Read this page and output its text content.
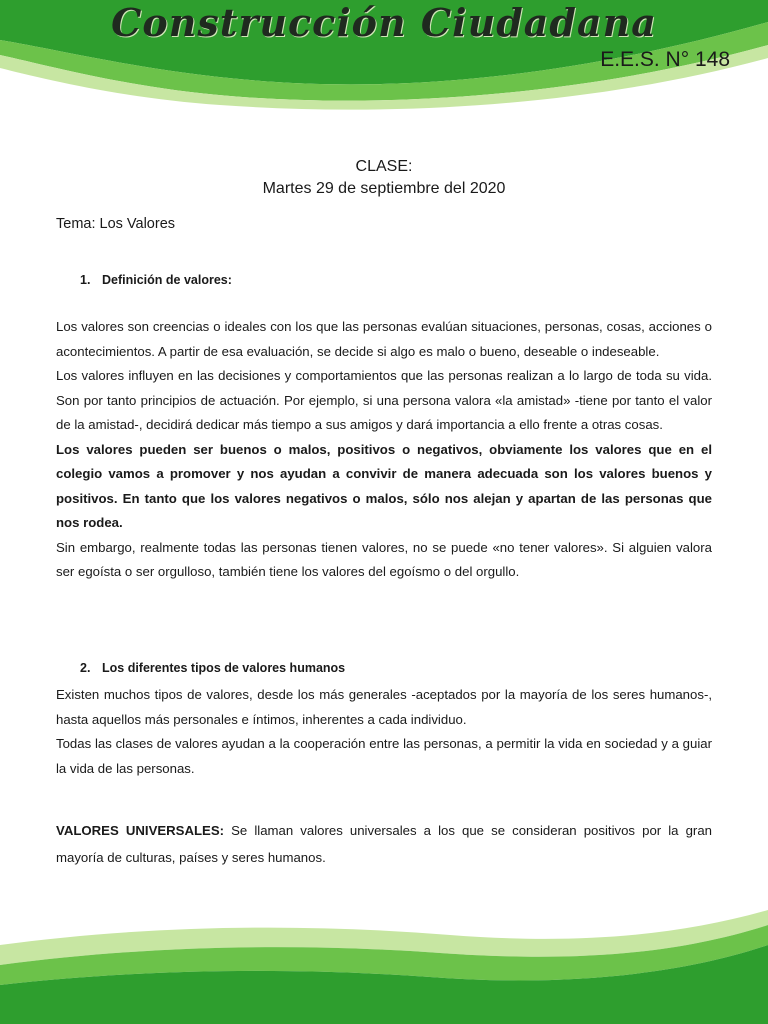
Construcción Ciudadana
E.E.S. N° 148
CLASE:
Martes 29 de septiembre del 2020
Tema: Los Valores
1. Definición de valores:

Los valores son creencias o ideales con los que las personas evalúan situaciones, personas, cosas, acciones o acontecimientos. A partir de esa evaluación, se decide si algo es malo o bueno, deseable o indeseable.

Los valores influyen en las decisiones y comportamientos que las personas realizan a lo largo de toda su vida. Son por tanto principios de actuación. Por ejemplo, si una persona valora «la amistad» -tiene por tanto el valor de la amistad-, decidirá dedicar más tiempo a sus amigos y dará importancia a ello frente a otras cosas.

Los valores pueden ser buenos o malos, positivos o negativos, obviamente los valores que en el colegio vamos a promover y nos ayudan a convivir de manera adecuada son los valores buenos y positivos. En tanto que los valores negativos o malos, sólo nos alejan y apartan de las personas que nos rodea.

Sin embargo, realmente todas las personas tienen valores, no se puede «no tener valores». Si alguien valora ser egoísta o ser orgulloso, también tiene los valores del egoísmo o del orgullo.

2. Los diferentes tipos de valores humanos

Existen muchos tipos de valores, desde los más generales -aceptados por la mayoría de los seres humanos-, hasta aquellos más personales e íntimos, inherentes a cada individuo.

Todas las clases de valores ayudan a la cooperación entre las personas, a permitir la vida en sociedad y a guiar la vida de las personas.

VALORES UNIVERSALES: Se llaman valores universales a los que se consideran positivos por la gran mayoría de culturas, países y seres humanos.
